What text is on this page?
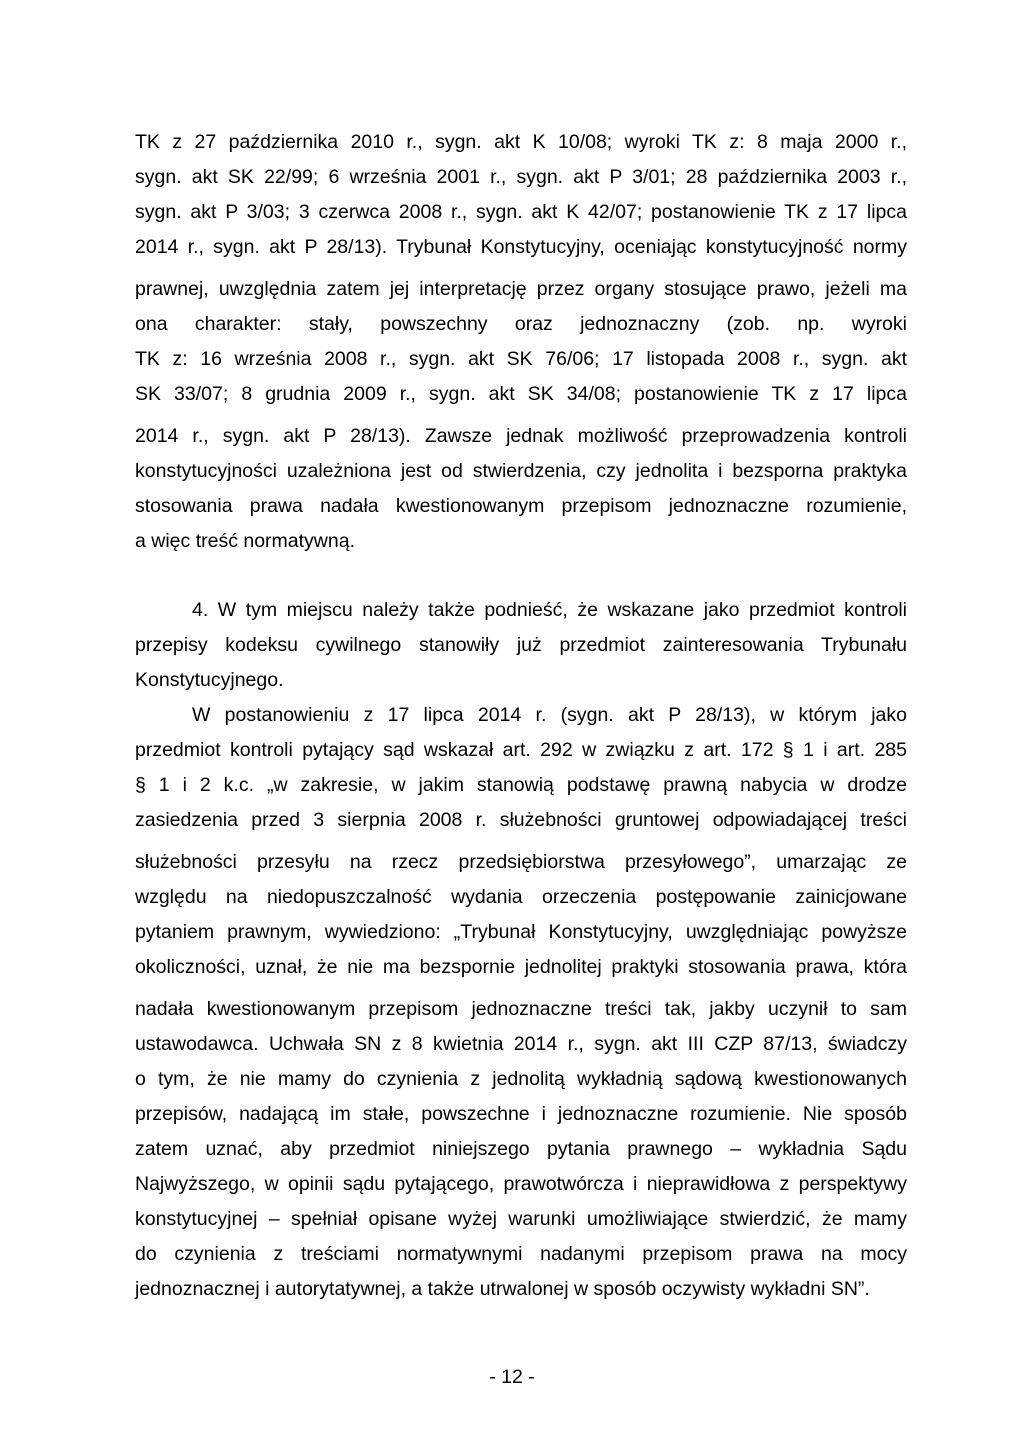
TK z 27 października 2010 r., sygn. akt K 10/08; wyroki TK z: 8 maja 2000 r.,
sygn. akt SK 22/99; 6 września 2001 r., sygn. akt P 3/01; 28 października 2003 r.,
sygn. akt P 3/03; 3 czerwca 2008 r., sygn. akt K 42/07; postanowienie TK z 17 lipca
2014 r., sygn. akt P 28/13). Trybunał Konstytucyjny, oceniając konstytucyjność normy
prawnej, uwzględnia zatem jej interpretację przez organy stosujące prawo, jeżeli ma
ona charakter: stały, powszechny oraz jednoznaczny (zob. np. wyroki
TK z: 16 września 2008 r., sygn. akt SK 76/06; 17 listopada 2008 r., sygn. akt
SK 33/07; 8 grudnia 2009 r., sygn. akt SK 34/08; postanowienie TK z 17 lipca
2014 r., sygn. akt P 28/13). Zawsze jednak możliwość przeprowadzenia kontroli
konstytucyjności uzależniona jest od stwierdzenia, czy jednolita i bezsporna praktyka
stosowania prawa nadała kwestionowanym przepisom jednoznaczne rozumienie,
a więc treść normatywną.
4. W tym miejscu należy także podnieść, że wskazane jako przedmiot kontroli
przepisy kodeksu cywilnego stanowiły już przedmiot zainteresowania Trybunału
Konstytucyjnego.
W postanowieniu z 17 lipca 2014 r. (sygn. akt P 28/13), w którym jako
przedmiot kontroli pytający sąd wskazał art. 292 w związku z art. 172 § 1 i art. 285
§ 1 i 2 k.c. „w zakresie, w jakim stanowią podstawę prawną nabycia w drodze
zasiedzenia przed 3 sierpnia 2008 r. służebności gruntowej odpowiadającej treści
służebności przesyłu na rzecz przedsiębiorstwa przesyłowego”, umarzając ze
względu na niedopuszczalność wydania orzeczenia postępowanie zainicjowane
pytaniem prawnym, wywiedziono: „Trybunał Konstytucyjny, uwzględniając powyższe
okoliczności, uznał, że nie ma bezspornie jednolitej praktyki stosowania prawa, która
nadała kwestionowanym przepisom jednoznaczne treści tak, jakby uczynił to sam
ustawodawca. Uchwała SN z 8 kwietnia 2014 r., sygn. akt III CZP 87/13, świadczy
o tym, że nie mamy do czynienia z jednolitą wykładnią sądową kwestionowanych
przepisów, nadającą im stałe, powszechne i jednoznaczne rozumienie. Nie sposób
zatem uznać, aby przedmiot niniejszego pytania prawnego – wykładnia Sądu
Najwyższego, w opinii sądu pytającego, prawotwórcza i nieprawidłowa z perspektywy
konstytucyjnej – spełniał opisane wyżej warunki umożliwiające stwierdzić, że mamy
do czynienia z treściami normatywnymi nadanymi przepisom prawa na mocy
jednoznacznej i autorytatywnej, a także utrwalonej w sposób oczywisty wykładni SN”.
- 12 -
